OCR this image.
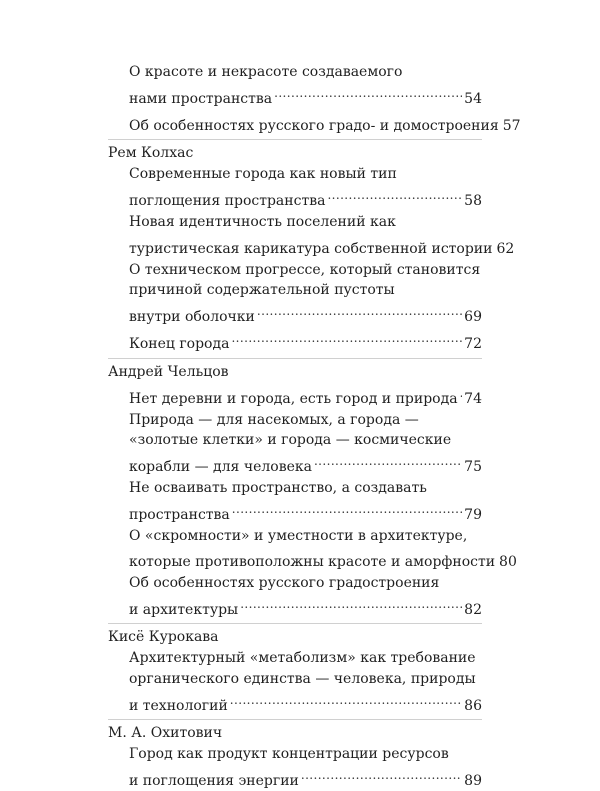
О красоте и некрасоте создаваемого
нами пространства .....	54
Об особенностях русского градо- и домостроения 57
Рем Колхас
Современные города как новый тип
поглощения пространства .....	58
Новая идентичность поселений как
туристическая карикатура собственной истории 62
О техническом прогрессе, который становится
причиной содержательной пустоты
внутри оболочки .....	69
Конец города .....	72
Андрей Чельцов
Нет деревни и города, есть город и природа ..... 74
Природа — для насекомых, а города —
«золотые клетки» и города — космические
корабли — для человека .....	75
Не осваивать пространство, а создавать
пространства .....	79
О «скромности» и уместности в архитектуре,
которые противоположны красоте и аморфности 80
Об особенностях русского градостроения
и архитектуры .....	82
Кисё Курокава
Архитектурный «метаболизм» как требование
органического единства — человека, природы
и технологий .....	86
М. А. Охитович
Город как продукт концентрации ресурсов
и поглощения энергии .....	89
